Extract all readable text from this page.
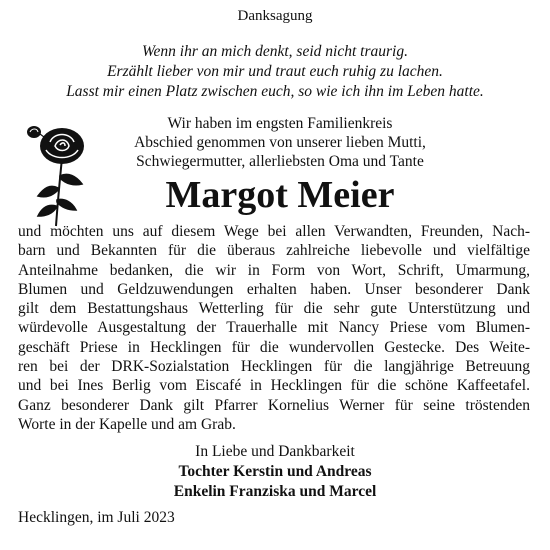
Danksagung
Wenn ihr an mich denkt, seid nicht traurig.
Erzählt lieber von mir und traut euch ruhig zu lachen.
Lasst mir einen Platz zwischen euch, so wie ich ihn im Leben hatte.
Wir haben im engsten Familienkreis
Abschied genommen von unserer lieben Mutti,
Schwiegermutter, allerliebsten Oma und Tante
Margot Meier
und möchten uns auf diesem Wege bei allen Verwandten, Freunden, Nach-
barn und Bekannten für die überaus zahlreiche liebevolle und vielfältige
Anteilnahme bedanken, die wir in Form von Wort, Schrift, Umarmung,
Blumen und Geldzuwendungen erhalten haben. Unser besonderer Dank
gilt dem Bestattungshaus Wetterling für die sehr gute Unterstützung und
würdevolle Ausgestaltung der Trauerhalle mit Nancy Priese vom Blumen-
geschäft Priese in Hecklingen für die wundervollen Gestecke. Des Weite-
ren bei der DRK-Sozialstation Hecklingen für die langjährige Betreuung
und bei Ines Berlig vom Eiscafé in Hecklingen für die schöne Kaffeetafel.
Ganz besonderer Dank gilt Pfarrer Kornelius Werner für seine tröstenden
Worte in der Kapelle und am Grab.
In Liebe und Dankbarkeit
Tochter Kerstin und Andreas
Enkelin Franziska und Marcel
Hecklingen, im Juli 2023
